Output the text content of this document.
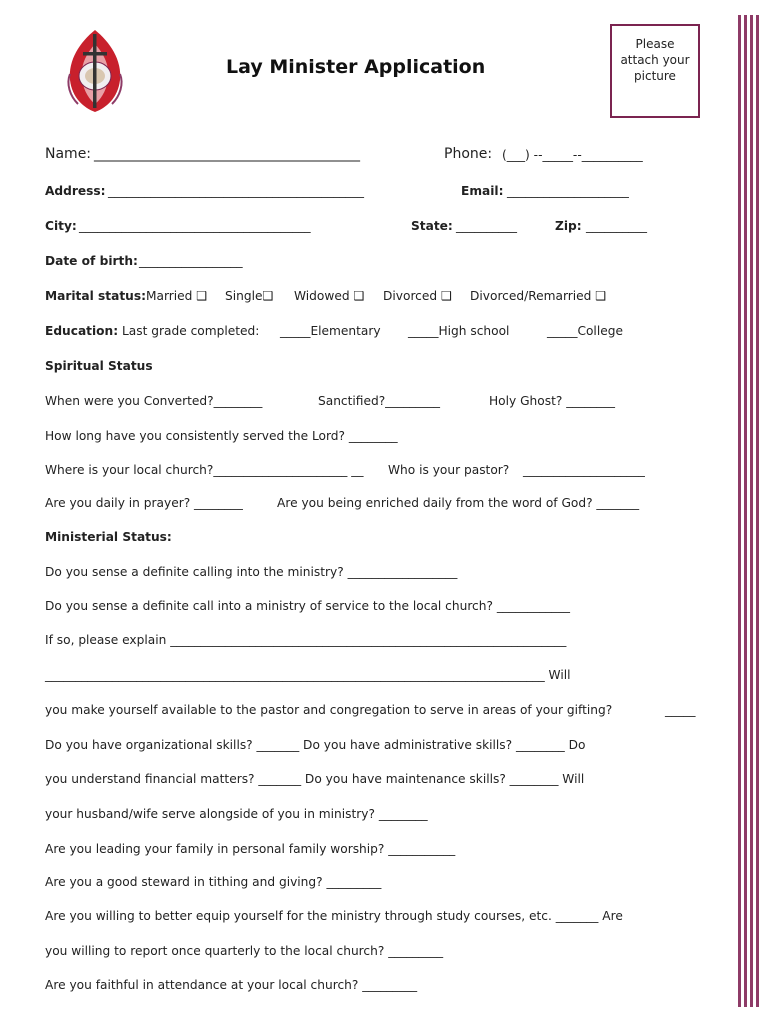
Lay Minister Application
Please
attach your
picture
Name: ______________________________________	Phone: (___) --_____--__________
Address: __________________________________________	Email: ____________________
City: ______________________________________	State: __________	Zip: __________
Date of birth: _________________
Marital status: Married ❑ Single❑ Widowed ❑ Divorced ❑ Divorced/Remarried ❑
Education: Last grade completed: _____Elementary _____High school	_____College
Spiritual Status
When were you Converted?________	Sanctified?_________	Holy Ghost? ________
How long have you consistently served the Lord? ________
Where is your local church?______________________ __ Who is your pastor? ____________________
Are you daily in prayer? ________	Are you being enriched daily from the word of God? _______
Ministerial Status:
Do you sense a definite calling into the ministry? __________________
Do you sense a definite call into a ministry of service to the local church? ____________
If so, please explain _________________________________________________________________
__________________________________________________________________________________ Will
you make yourself available to the pastor and congregation to serve in areas of your gifting?	_____
Do you have organizational skills? _______ Do you have administrative skills? ________ Do
you understand financial matters? _______ Do you have maintenance skills? ________ Will
your husband/wife serve alongside of you in ministry? ________
Are you leading your family in personal family worship? ___________
Are you a good steward in tithing and giving? _________
Are you willing to better equip yourself for the ministry through study courses, etc. _______ Are
you willing to report once quarterly to the local church? _________
Are you faithful in attendance at your local church? _________
